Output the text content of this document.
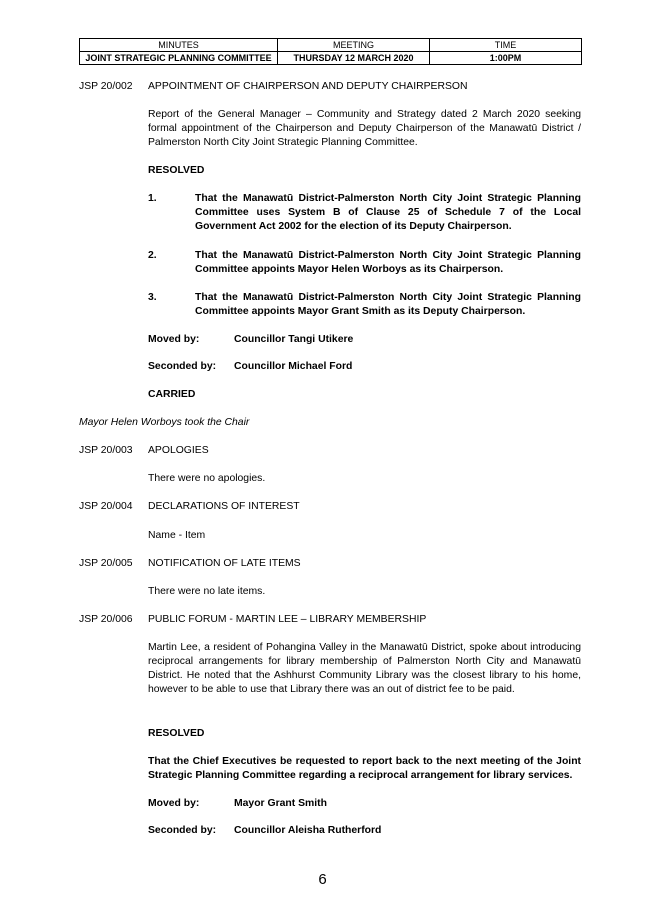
MINUTES	MEETING	TIME
JOINT STRATEGIC PLANNING COMMITTEE	THURSDAY 12 MARCH 2020	1:00PM
JSP 20/002 APPOINTMENT OF CHAIRPERSON AND DEPUTY CHAIRPERSON
Report of the General Manager – Community and Strategy dated 2 March 2020 seeking formal appointment of the Chairperson and Deputy Chairperson of the Manawatū District / Palmerston North City Joint Strategic Planning Committee.
RESOLVED
1.	That the Manawatū District-Palmerston North City Joint Strategic Planning Committee uses System B of Clause 25 of Schedule 7 of the Local Government Act 2002 for the election of its Deputy Chairperson.
2.	That the Manawatū District-Palmerston North City Joint Strategic Planning Committee appoints Mayor Helen Worboys as its Chairperson.
3.	That the Manawatū District-Palmerston North City Joint Strategic Planning Committee appoints Mayor Grant Smith as its Deputy Chairperson.
Moved by:	Councillor Tangi Utikere
Seconded by: Councillor Michael Ford
CARRIED
Mayor Helen Worboys took the Chair
JSP 20/003 APOLOGIES
There were no apologies.
JSP 20/004 DECLARATIONS OF INTEREST
Name - Item
JSP 20/005 NOTIFICATION OF LATE ITEMS
There were no late items.
JSP 20/006 PUBLIC FORUM - MARTIN LEE – LIBRARY MEMBERSHIP
Martin Lee, a resident of Pohangina Valley in the Manawatū District, spoke about introducing reciprocal arrangements for library membership of Palmerston North City and Manawatū District. He noted that the Ashhurst Community Library was the closest library to his home, however to be able to use that Library there was an out of district fee to be paid.
RESOLVED
That the Chief Executives be requested to report back to the next meeting of the Joint Strategic Planning Committee regarding a reciprocal arrangement for library services.
Moved by:	Mayor Grant Smith
Seconded by: Councillor Aleisha Rutherford
6
